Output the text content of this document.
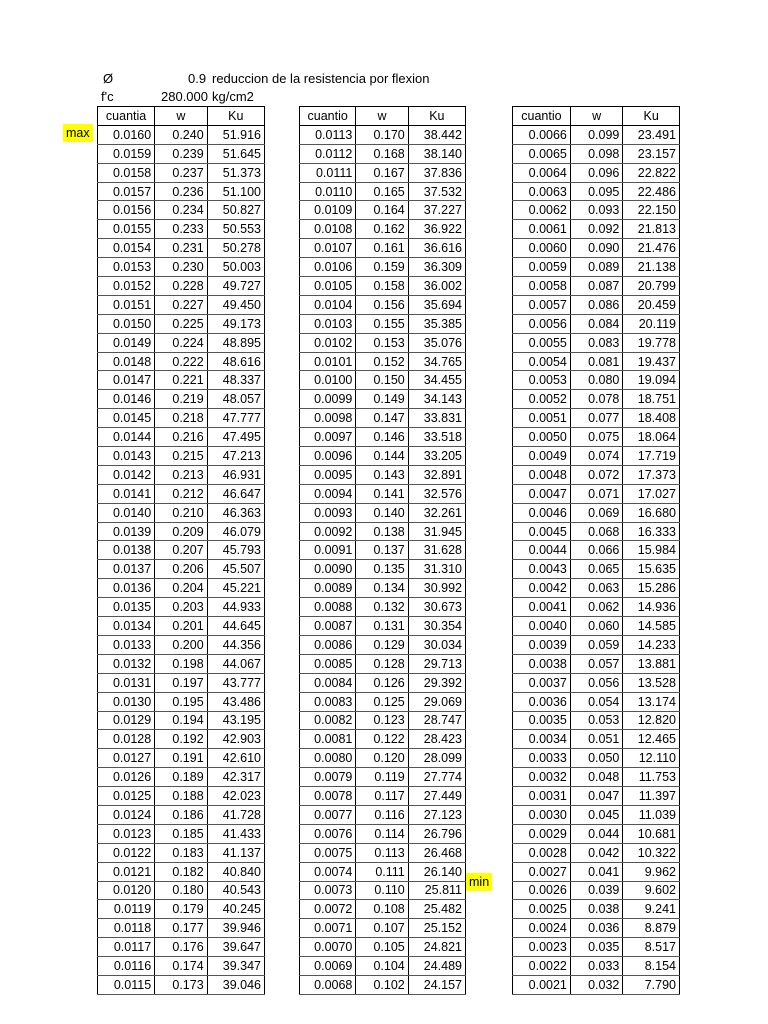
Ø	0.9 reduccion de la resistencia por flexion
f'c	280.000 kg/cm2
max
min
cuantia	w	Ku
0.0160	0.240	51.916
0.0159	0.239	51.645
0.0158	0.237	51.373
0.0157	0.236	51.100
0.0156	0.234	50.827
0.0155	0.233	50.553
0.0154	0.231	50.278
0.0153	0.230	50.003
0.0152	0.228	49.727
0.0151	0.227	49.450
0.0150	0.225	49.173
0.0149	0.224	48.895
0.0148	0.222	48.616
0.0147	0.221	48.337
0.0146	0.219	48.057
0.0145	0.218	47.777
0.0144	0.216	47.495
0.0143	0.215	47.213
0.0142	0.213	46.931
0.0141	0.212	46.647
0.0140	0.210	46.363
0.0139	0.209	46.079
0.0138	0.207	45.793
0.0137	0.206	45.507
0.0136	0.204	45.221
0.0135	0.203	44.933
0.0134	0.201	44.645
0.0133	0.200	44.356
0.0132	0.198	44.067
0.0131	0.197	43.777
0.0130	0.195	43.486
0.0129	0.194	43.195
0.0128	0.192	42.903
0.0127	0.191	42.610
0.0126	0.189	42.317
0.0125	0.188	42.023
0.0124	0.186	41.728
0.0123	0.185	41.433
0.0122	0.183	41.137
0.0121	0.182	40.840
0.0120	0.180	40.543
0.0119	0.179	40.245
0.0118	0.177	39.946
0.0117	0.176	39.647
0.0116	0.174	39.347
0.0115	0.173	39.046
cuantio	w	Ku
0.0113	0.170	38.442
0.0112	0.168	38.140
0.0111	0.167	37.836
0.0110	0.165	37.532
0.0109	0.164	37.227
0.0108	0.162	36.922
0.0107	0.161	36.616
0.0106	0.159	36.309
0.0105	0.158	36.002
0.0104	0.156	35.694
0.0103	0.155	35.385
0.0102	0.153	35.076
0.0101	0.152	34.765
0.0100	0.150	34.455
0.0099	0.149	34.143
0.0098	0.147	33.831
0.0097	0.146	33.518
0.0096	0.144	33.205
0.0095	0.143	32.891
0.0094	0.141	32.576
0.0093	0.140	32.261
0.0092	0.138	31.945
0.0091	0.137	31.628
0.0090	0.135	31.310
0.0089	0.134	30.992
0.0088	0.132	30.673
0.0087	0.131	30.354
0.0086	0.129	30.034
0.0085	0.128	29.713
0.0084	0.126	29.392
0.0083	0.125	29.069
0.0082	0.123	28.747
0.0081	0.122	28.423
0.0080	0.120	28.099
0.0079	0.119	27.774
0.0078	0.117	27.449
0.0077	0.116	27.123
0.0076	0.114	26.796
0.0075	0.113	26.468
0.0074	0.111	26.140
0.0073	0.110	25.811
0.0072	0.108	25.482
0.0071	0.107	25.152
0.0070	0.105	24.821
0.0069	0.104	24.489
0.0068	0.102	24.157
cuantio	w	Ku
0.0066	0.099	23.491
0.0065	0.098	23.157
0.0064	0.096	22.822
0.0063	0.095	22.486
0.0062	0.093	22.150
0.0061	0.092	21.813
0.0060	0.090	21.476
0.0059	0.089	21.138
0.0058	0.087	20.799
0.0057	0.086	20.459
0.0056	0.084	20.119
0.0055	0.083	19.778
0.0054	0.081	19.437
0.0053	0.080	19.094
0.0052	0.078	18.751
0.0051	0.077	18.408
0.0050	0.075	18.064
0.0049	0.074	17.719
0.0048	0.072	17.373
0.0047	0.071	17.027
0.0046	0.069	16.680
0.0045	0.068	16.333
0.0044	0.066	15.984
0.0043	0.065	15.635
0.0042	0.063	15.286
0.0041	0.062	14.936
0.0040	0.060	14.585
0.0039	0.059	14.233
0.0038	0.057	13.881
0.0037	0.056	13.528
0.0036	0.054	13.174
0.0035	0.053	12.820
0.0034	0.051	12.465
0.0033	0.050	12.110
0.0032	0.048	11.753
0.0031	0.047	11.397
0.0030	0.045	11.039
0.0029	0.044	10.681
0.0028	0.042	10.322
0.0027	0.041	9.962
0.0026	0.039	9.602
0.0025	0.038	9.241
0.0024	0.036	8.879
0.0023	0.035	8.517
0.0022	0.033	8.154
0.0021	0.032	7.790
